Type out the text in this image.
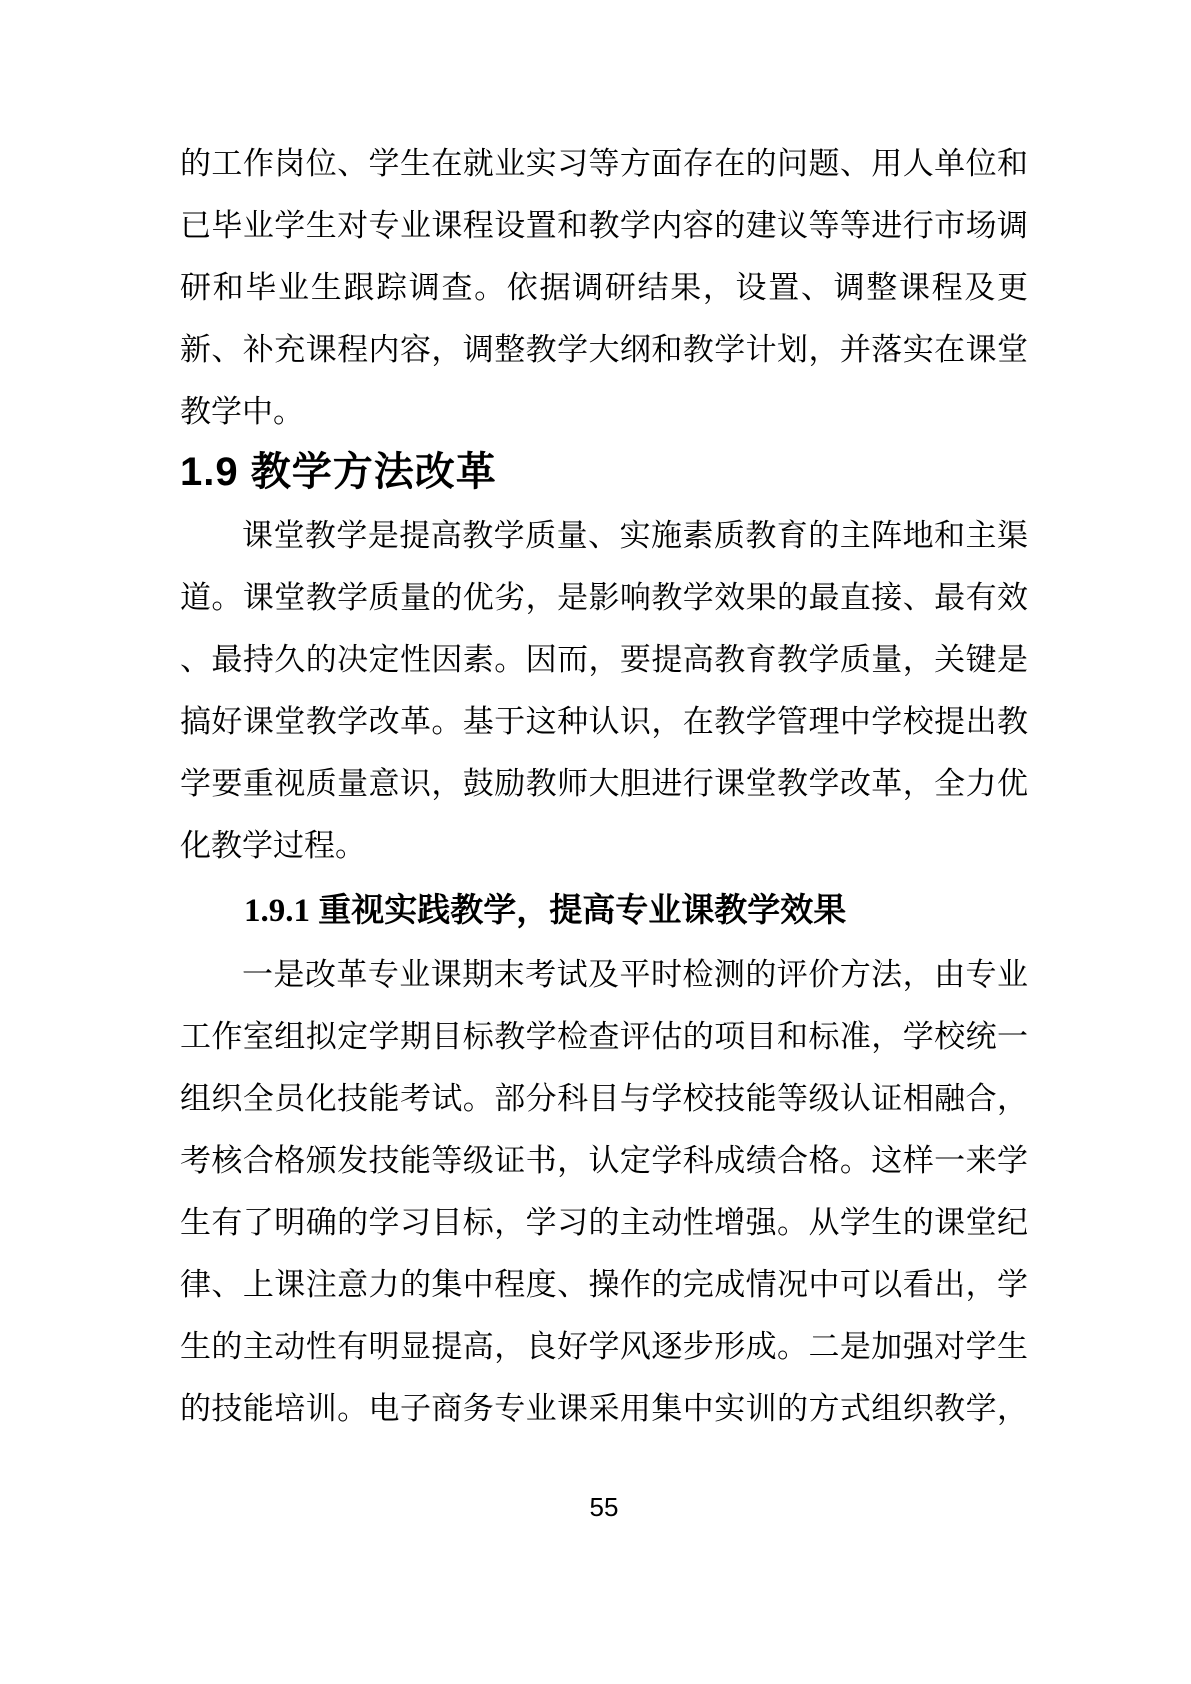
的工作岗位、学生在就业实习等方面存在的问题、用人单位和
已毕业学生对专业课程设置和教学内容的建议等等进行市场调
研和毕业生跟踪调查。依据调研结果，设置、调整课程及更
新、补充课程内容，调整教学大纲和教学计划，并落实在课堂
教学中。
1.9 教学方法改革
课堂教学是提高教学质量、实施素质教育的主阵地和主渠
道。课堂教学质量的优劣，是影响教学效果的最直接、最有效
、最持久的决定性因素。因而，要提高教育教学质量，关键是
搞好课堂教学改革。基于这种认识，在教学管理中学校提出教
学要重视质量意识，鼓励教师大胆进行课堂教学改革，全力优
化教学过程。
1.9.1 重视实践教学，提高专业课教学效果
一是改革专业课期末考试及平时检测的评价方法，由专业
工作室组拟定学期目标教学检查评估的项目和标准，学校统一
组织全员化技能考试。部分科目与学校技能等级认证相融合，
考核合格颁发技能等级证书，认定学科成绩合格。这样一来学
生有了明确的学习目标，学习的主动性增强。从学生的课堂纪
律、上课注意力的集中程度、操作的完成情况中可以看出，学
生的主动性有明显提高，良好学风逐步形成。二是加强对学生
的技能培训。电子商务专业课采用集中实训的方式组织教学，
55
